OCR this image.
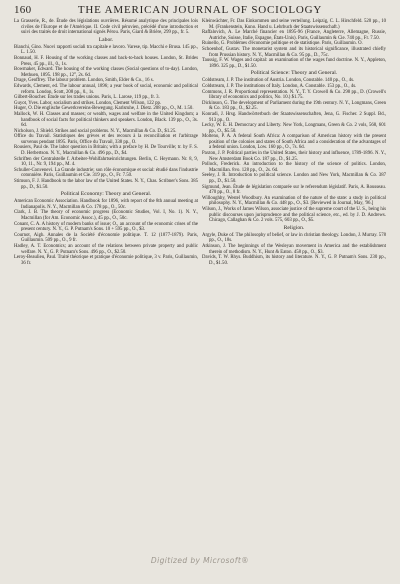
160	THE AMERICAN JOURNAL OF SOCIOLOGY

La Grasserie, R., de. Étude des législations ouvrières. Résumé analytique des principales lois civiles de l'Europe et de l'Amérique. II. Code civil péruvien, précédé d'une introduction et suivi des traités de droit international signés Pérou. Paris, Giard & Brière, 299 pp., fr. 5.

Labor.

Bianchi, Gino. Nuovi rapporti sociali tra capitale e lavoro. Varese, tip. Macchi e Brusa. 145 pp., L. 1.50.

Bonnaud, H. F. Housing of the working classes and back-to-back houses. London, St. Brides Press, 45 pp., ill., 0., 1s.

Bowmaker, Edward. The housing of the working classes (Social questions of to-day). London, Methuen, 1895. 198 pp., 12°, 2s. 6d.

Drage, Geoffrey. The labour problem. London, Smith, Elder & Co., 16 s.

Edwards, Clement, ed. The labour annual, 1896; a year book of social, economic and political reform. London, Scott, 208 pp., 0., 1s.

Gilbert-Boucher. Étude sur les trades unions. Paris, L. Larose, 119 pp., fr. 3.

Guyot, Yves. Labor, socialism and strikes. London, Clement Wilson, 122 pp.

Huger, O. Die englische Gewerkvereins-Bewegung. Karlsruhe, J. Dietz. 208 pp., O., M. 1.50.

Mallock, W. H. Classes and masses; or wealth, wages and welfare in the United Kingdom; a handbook of social facts for political thinkers and speakers. London, Black. 139 pp., O., 3s. 6d.

Nicholson, J. Shield. Strikes and social problems. N. Y., Macmillan & Co. D., $1.25.

Office du Travail. Statistiques des grèves et des recours à la reconciliation et l'arbitrage survenus pendant 1895. Paris, Office du Travail, 338 pp., O.

Rousiers, Paul de. The labor question in Britain; with a preface by H. De Tourville; tr. by F. S. D. Herbertson. N. Y., Macmillan & Co. 496 pp., D., $4.

Schriften der Centralstelle f. Arbeiter-Wohlfahrtseinrichtungen. Berlin, C. Heymann. Nr. 8, 9, 10, 11., Nr. 9, 194 pp., M. 4.

Schuller-Convenevi. La Grande industrie; son rôle économique et social: étudié dans l'industrie cotonnière. Paris, Guillaumin et Cie. 319 pp., O., Fr. 7.50.

Stimson, F. J. Handbook to the labor law of the United States. N. Y., Chas. Scribner's Sons. 385 pp., D., $1.50.

Political Economy: Theory and General.

American Economic Association. Handbook for 1896, with report of the 8th annual meeting at Indianapolis. N. Y., Macmillan & Co. 178 pp., O., 50c.

Clark, J. B. The theory of economic progress (Economic Studies, Vol. I, No. 1). N. Y., Macmillan (for Am. Economic Assoc.), 45 pp., O., 50c.

Conant, C. A. A history of modern banks of issue; O., an account of the economic crises of the present century. N. Y., G. P. Putnam's Sons. 10 + 595 pp., O., $3.

Cournot, Aigh. Annales de la Société d'économie politique. T. 12 (1877-1879). Paris, Guillaumin. 509 pp., O., 9 fr.

Hadley, A. T. Economics; an account of the relations between private property and public welfare. N. Y., G. P. Putnam's Sons. 496 pp., O., $2.50.

Leroy-Beaulieu, Paul. Traité théorique et pratique d'économie politique, 3 v. Paris, Guillaumin, 36 fr.

Kleinwächter, Fr. Das Einkommen und seine verteilung. Leipzig, C. L. Hirschfeld. 520 pp., 10 M. (Frankenstein, Kuno. Hand u. Lehrbuch der Staatswissenschaft.)

Raffalovich, A. Le Marché financier en 1895-96 (France, Angleterre, Allemagne, Russie, Autriche, Suisse, Italie, Espagne, États-Unis). Paris, Guillaumin & Cie. 740 pp., Fr. 7.50.

Ruinello, G. Problèmes d'économie politique et de statistique. Paris, Guillaumin. O.

Schoenhof, Gustav. The monetarist system and its historical significance, illustrated chiefly from Prussian history. N. Y., Macmillan & Co. 95 pp., D., 75c.

Taussig, F. W. Wages and capital: an examination of the wages fund doctrine. N. Y., Appleton, 1896. 325 pp., D., $1.50.

Political Science: Theory and General.

Coldstream, J. P. The institution of Austria. London, Constable. 140 pp., O., 4s.

Coldstream, J. P. The institutions of Italy. London, A. Constable. 153 pp., O., 4s.

Commons, J. R. Proportional representation. N. Y., T. Y. Crowell & Co. 298 pp., D. (Crowell's library of economics and politics, No. 10.) $1.75.

Dickinson, G. The development of Parliament during the 19th century. N. Y., Longmans, Green & Co. 183 pp., O., $2.25.

Konradi, J. Hrsg. Handwörterbuch der Staatswissenschaften, Jena, G. Fischer. 2 Suppl. Bd., 913 pp., O.

Lecky, W. E. H. Democracy and Liberty. New York, Longmans, Green & Co. 2 vols, 568, 601 pp., O., $5.50.

Molteno, P. A. A federal South Africa: A comparison of American history with the present position of the colonies and states of South Africa and a consideration of the advantages of a federal union. London, Low. 160 pp., O., 7s. 6d.

Paxton, J. P. Political parties in the United States, their history and influence, 1789-1896. N. Y., New Amsterdam Book Co. 187 pp., D., $1.25.

Pollock, Frederick. An introduction to the history of the science of politics. London, Macmillan. 8vo. 128 pp., O., 2s. 6d.

Seeley, J. R. Introduction to political science. London and New York, Macmillan & Co. 387 pp., D., $1.50.

Sigmund, Jean. Étude de législation comparée sur le referendum législatif. Paris, A. Rousseau. 470 pp., O., 8 fr.

Willoughby, Westel Woodbury. An examination of the nature of the state: a study in political philosophy. N. Y., Macmillan & Co. 448 pp., O., $3. [Reviewed in Journal, May, '96.]

Wilson, J., Works of James Wilson, associate justice of the supreme court of the U. S., being his public discourses upon jurisprudence and the political science, etc., ed. by J. D. Andrews. Chicago, Callaghan & Co. 2 vols. 575, 603 pp., O., $5.

Religion.

Argyle, Duke of. The philosophy of belief, or law in christian theology. London, J. Murray. 578 pp., O., 18s.

Atkinson, J. The beginnings of the Wesleyan movement in America and the establishment therein of methodism. N. Y., Hunt & Eaton. 458 pp., O., $3.

Davids, T. W. Rhys. Buddhism, its history and literature. N. Y., G. P. Putnam's Sons. 230 pp., D., $1.50.

Digitized by Microsoft®
